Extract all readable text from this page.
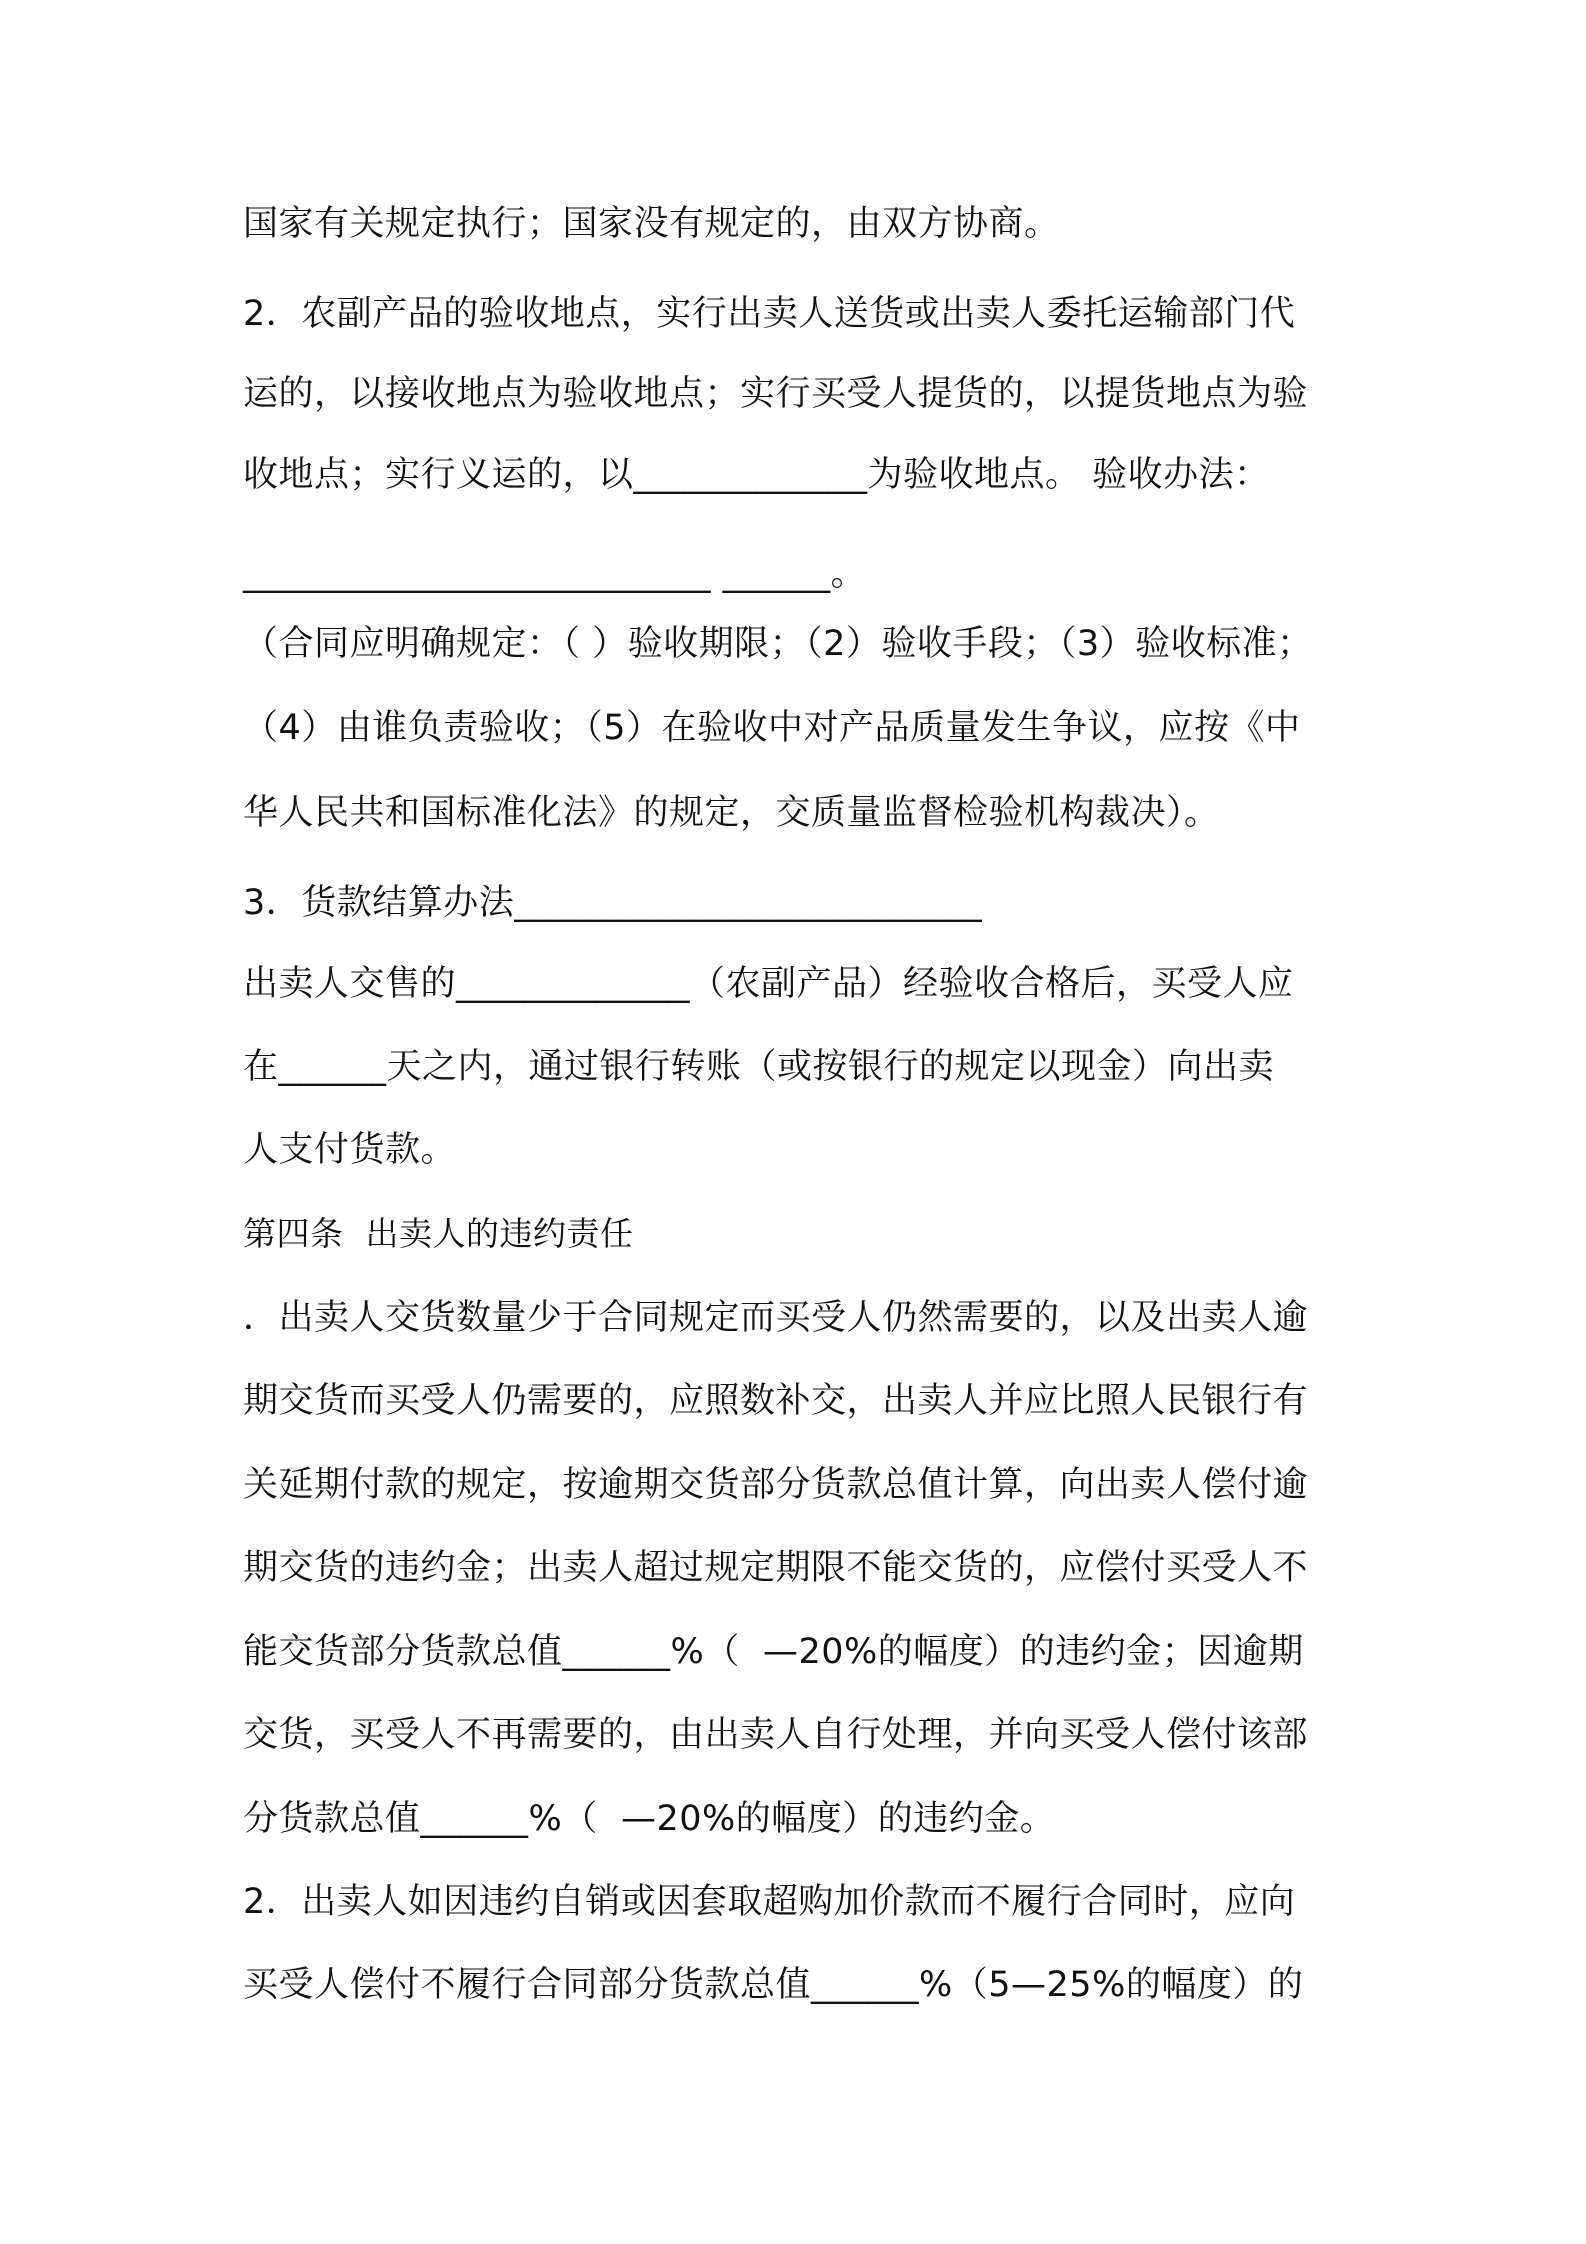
国家有关规定执行；国家没有规定的，由双方协商。
2．农副产品的验收地点，实行出卖人送货或出卖人委托运输部门代
运的，以接收地点为验收地点；实行买受人提货的，以提货地点为验
收地点；实行义运的，以_____________为验收地点。 验收办法：
__________________________ ______。
（合同应明确规定：（ ）验收期限；（2）验收手段；（3）验收标准；
（4）由谁负责验收；（5）在验收中对产品质量发生争议，应按《中
华人民共和国标准化法》的规定，交质量监督检验机构裁决）。
3．货款结算办法__________________________
出卖人交售的_____________（农副产品）经验收合格后，买受人应
在______天之内，通过银行转账（或按银行的规定以现金）向出卖
人支付货款。
第四条  出卖人的违约责任
．出卖人交货数量少于合同规定而买受人仍然需要的，以及出卖人逾
期交货而买受人仍需要的，应照数补交，出卖人并应比照人民银行有
关延期付款的规定，按逾期交货部分货款总值计算，向出卖人偿付逾
期交货的违约金；出卖人超过规定期限不能交货的，应偿付买受人不
能交货部分货款总值______%（  —20%的幅度）的违约金；因逾期
交货，买受人不再需要的，由出卖人自行处理，并向买受人偿付该部
分货款总值______%（  —20%的幅度）的违约金。
2．出卖人如因违约自销或因套取超购加价款而不履行合同时，应向
买受人偿付不履行合同部分货款总值______%（5—25%的幅度）的
